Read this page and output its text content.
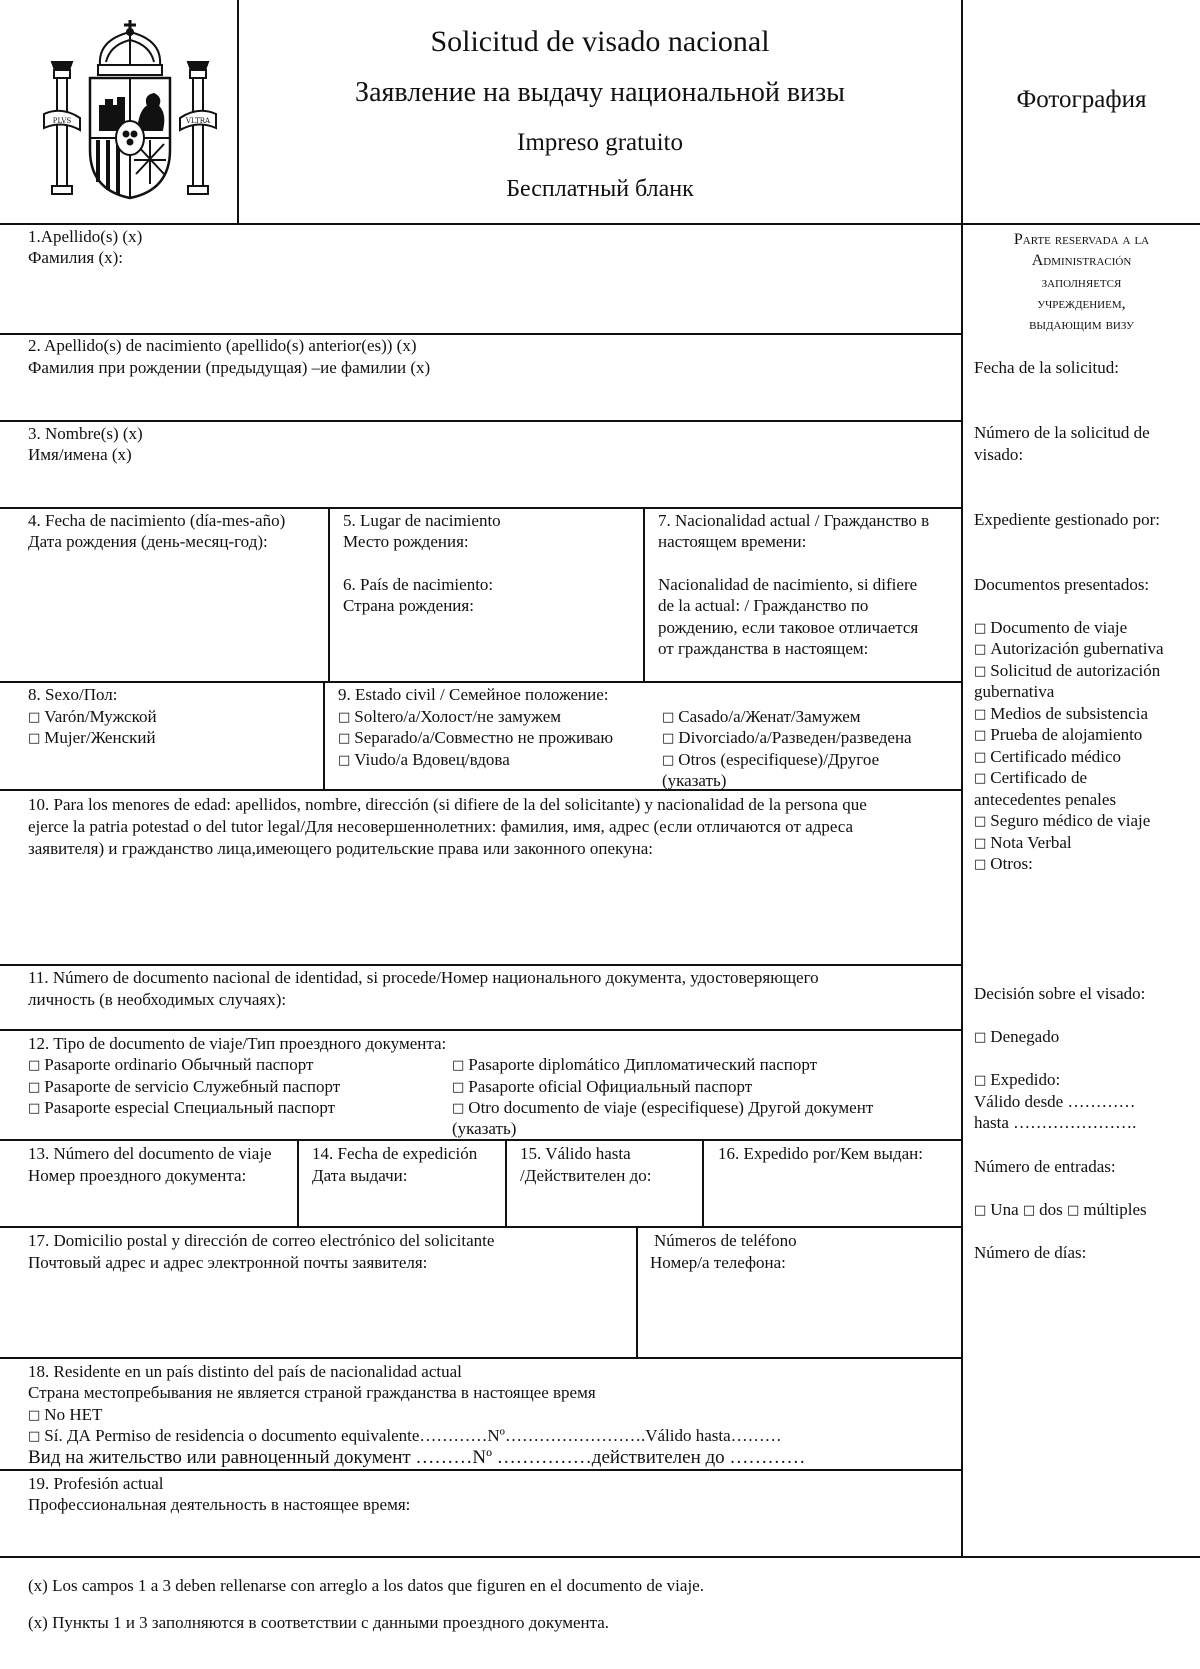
PLVS	VLTRA
Solicitud de visado nacional
Заявление на выдачу национальной визы
Impreso gratuito
Бесплатный бланк
Фотография
1.Apellido(s) (x)
Фамилия (x):
2. Apellido(s) de nacimiento (apellido(s) anterior(es)) (x)
Фамилия при рождении (предыдущая) –ие фамилии (x)
3. Nombre(s) (x)
Имя/имена (x)
4. Fecha de nacimiento (día-mes-año)
Дата рождения (день-месяц-год):
5. Lugar de nacimiento
Место рождения:
6. País de nacimiento:
Страна рождения:
7. Nacionalidad actual / Гражданство в
настоящем времени:
Nacionalidad de nacimiento, si difiere
de la actual: / Гражданство по
рождению, если таковое отличается
от гражданства в настоящем:
8. Sexo/Пол:
□ Varón/Мужской
□ Mujer/Женский
9. Estado civil / Семейное положение:
□ Soltero/a/Холост/не замужем
□ Separado/a/Совместно не проживаю
□ Viudo/a Вдовец/вдова
□ Casado/a/Женат/Замужем
□ Divorciado/a/Разведен/разведена
□ Otros (especifiquese)/Другое
(указать)
10. Para los menores de edad: apellidos, nombre, dirección (si difiere de la del solicitante) y nacionalidad de la persona que
ejerce la patria potestad o del tutor legal/Для несовершеннолетних: фамилия, имя, адрес (если отличаются от адреса
заявителя) и гражданство лица,имеющего родительские права или законного опекуна:
11. Número de documento nacional de identidad, si procede/Номер национального документа, удостоверяющего
личность (в необходимых случаях):
12. Tipo de documento de viaje/Тип проездного документа:
□ Pasaporte ordinario Обычный паспорт
□ Pasaporte de servicio Служебный паспорт
□ Pasaporte especial Специальный паспорт
□ Pasaporte diplomático Дипломатический паспорт
□ Pasaporte oficial Официальный паспорт
□ Otro documento de viaje (especifiquese) Другой документ
(указать)
13. Número del documento de viaje
Номер проездного документа:
14. Fecha de expedición
Дата выдачи:
15. Válido hasta
/Действителен до:
16. Expedido por/Кем выдан:
17. Domicilio postal y dirección de correo electrónico del solicitante
Почтовый адрес и адрес электронной почты заявителя:
Números de teléfono
Номер/а телефона:
18. Residente en un país distinto del país de nacionalidad actual
Страна местопребывания не является страной гражданства в настоящее время
□ No НЕТ
□ Sí. ДА Permiso de residencia o documento equivalente…………Nº…………………….Válido hasta………
Вид на жительство или равноценный документ ………Nº ……………действителен до …………
19. Profesión actual
Профессиональная деятельность в настоящее время:
(x) Los campos 1 a 3 deben rellenarse con arreglo a los datos que figuren en el documento de viaje.
(x) Пункты 1 и 3 заполняются в соответствии с данными проездного документа.
Parte reservada a la
Administración
заполняется
учреждением,
выдающим визу
Fecha de la solicitud:
Número de la solicitud de
visado:
Expediente gestionado por:
Documentos presentados:
□ Documento de viaje
□ Autorización gubernativa
□ Solicitud de autorización
gubernativa
□ Medios de subsistencia
□ Prueba de alojamiento
□ Certificado médico
□ Certificado de
antecedentes penales
□ Seguro médico de viaje
□ Nota Verbal
□ Otros:
Decisión sobre el visado:
□ Denegado
□ Expedido:
Válido desde …………
hasta ………………….
Número de entradas:
□ Una □ dos □ múltiples
Número de días:
